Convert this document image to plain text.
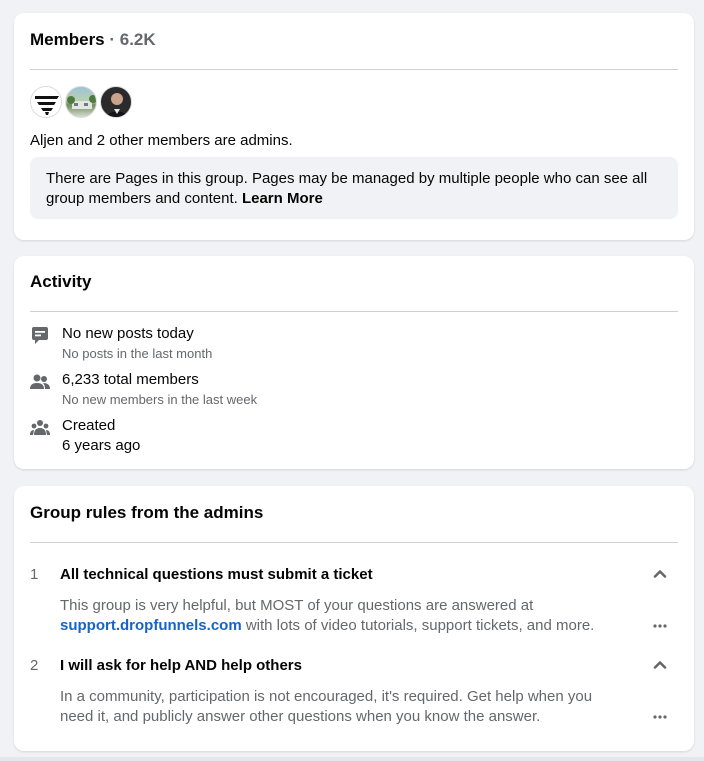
Members · 6.2K
Aljen and 2 other members are admins.
There are Pages in this group. Pages may be managed by multiple people who can see all group members and content. Learn More
Activity
No new posts today
No posts in the last month
6,233 total members
No new members in the last week
Created
6 years ago
Group rules from the admins
1 All technical questions must submit a ticket
This group is very helpful, but MOST of your questions are answered at support.dropfunnels.com with lots of video tutorials, support tickets, and more.
2 I will ask for help AND help others
In a community, participation is not encouraged, it's required. Get help when you need it, and publicly answer other questions when you know the answer.
